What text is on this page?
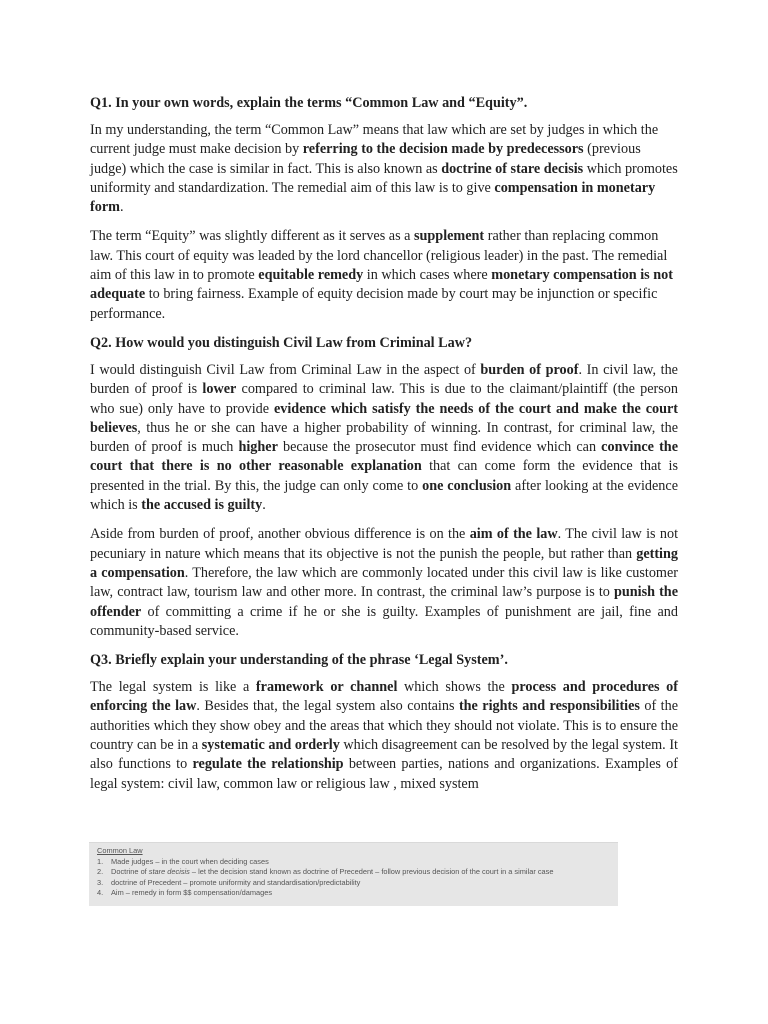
Q1. In your own words, explain the terms “Common Law and “Equity”.
In my understanding, the term “Common Law” means that law which are set by judges in which the current judge must make decision by referring to the decision made by predecessors (previous judge) which the case is similar in fact. This is also known as doctrine of stare decisis which promotes uniformity and standardization. The remedial aim of this law is to give compensation in monetary form.
The term “Equity” was slightly different as it serves as a supplement rather than replacing common law. This court of equity was leaded by the lord chancellor (religious leader) in the past. The remedial aim of this law in to promote equitable remedy in which cases where monetary compensation is not adequate to bring fairness. Example of equity decision made by court may be injunction or specific performance.
Q2. How would you distinguish Civil Law from Criminal Law?
I would distinguish Civil Law from Criminal Law in the aspect of burden of proof. In civil law, the burden of proof is lower compared to criminal law. This is due to the claimant/plaintiff (the person who sue) only have to provide evidence which satisfy the needs of the court and make the court believes, thus he or she can have a higher probability of winning. In contrast, for criminal law, the burden of proof is much higher because the prosecutor must find evidence which can convince the court that there is no other reasonable explanation that can come form the evidence that is presented in the trial. By this, the judge can only come to one conclusion after looking at the evidence which is the accused is guilty.
Aside from burden of proof, another obvious difference is on the aim of the law. The civil law is not pecuniary in nature which means that its objective is not the punish the people, but rather than getting a compensation. Therefore, the law which are commonly located under this civil law is like customer law, contract law, tourism law and other more. In contrast, the criminal law’s purpose is to punish the offender of committing a crime if he or she is guilty. Examples of punishment are jail, fine and community-based service.
Q3. Briefly explain your understanding of the phrase ‘Legal System’.
The legal system is like a framework or channel which shows the process and procedures of enforcing the law. Besides that, the legal system also contains the rights and responsibilities of the authorities which they show obey and the areas that which they should not violate. This is to ensure the country can be in a systematic and orderly which disagreement can be resolved by the legal system. It also functions to regulate the relationship between parties, nations and organizations. Examples of legal system: civil law, common law or religious law , mixed system
Common Law
1. Made judges – in the court when deciding cases
2. Doctrine of stare decisis – let the decision stand known as doctrine of Precedent – follow previous decision of the court in a similar case
3. doctrine of Precedent – promote uniformity and standardisation/predictability
4. Aim – remedy in form $$ compensation/damages
